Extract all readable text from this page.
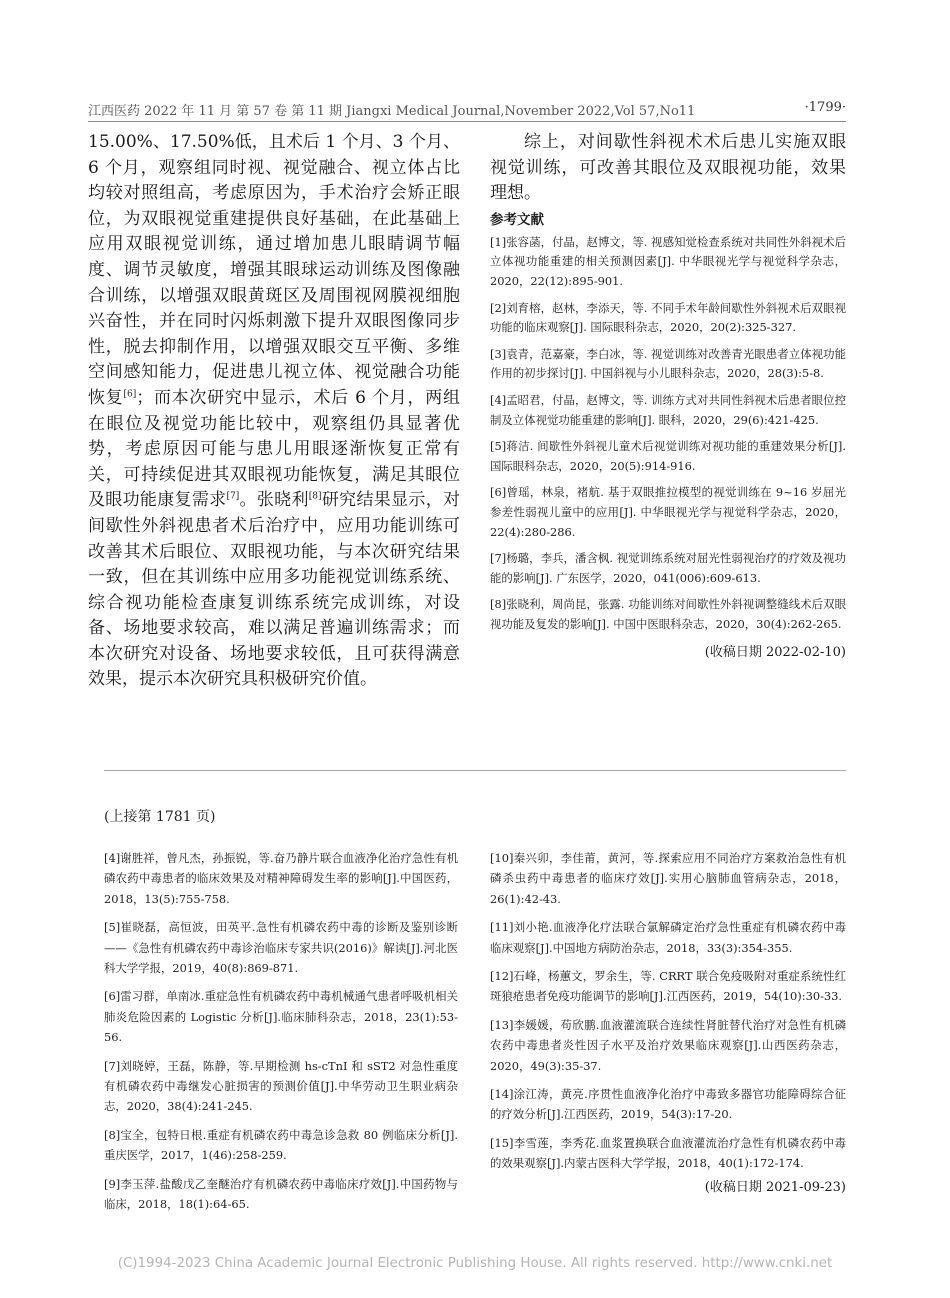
江西医药 2022 年 11 月 第 57 卷 第 11 期 Jiangxi Medical Journal,November 2022,Vol 57,No11	·1799·

15.00%、17.50%低，且术后 1 个月、3 个月、6 个月，观察组同时视、视觉融合、视立体占比均较对照组高，考虑原因为，手术治疗会矫正眼位，为双眼视觉重建提供良好基础，在此基础上应用双眼视觉训练，通过增加患儿眼睛调节幅度、调节灵敏度，增强其眼球运动训练及图像融合训练，以增强双眼黄斑区及周围视网膜视细胞兴奋性，并在同时闪烁刺激下提升双眼图像同步性，脱去抑制作用，以增强双眼交互平衡、多维空间感知能力，促进患儿视立体、视觉融合功能恢复[6]；而本次研究中显示，术后 6 个月，两组在眼位及视觉功能比较中，观察组仍具显著优势，考虑原因可能与患儿用眼逐渐恢复正常有关，可持续促进其双眼视功能恢复，满足其眼位及眼功能康复需求[7]。张晓利[8]研究结果显示，对间歇性外斜视患者术后治疗中，应用功能训练可改善其术后眼位、双眼视功能，与本次研究结果一致，但在其训练中应用多功能视觉训练系统、综合视功能检查康复训练系统完成训练，对设备、场地要求较高，难以满足普遍训练需求；而本次研究对设备、场地要求较低，且可获得满意效果，提示本次研究具积极研究价值。

综上，对间歇性斜视术术后患儿实施双眼视觉训练，可改善其眼位及双眼视功能，效果理想。

参考文献
[1]张容菡，付晶，赵博文，等. 视感知觉检查系统对共同性外斜视术后立体视功能重建的相关预测因素[J]. 中华眼视光学与视觉科学杂志，2020，22(12):895-901.
[2]刘育榕，赵林，李添天，等. 不同手术年龄间歇性外斜视术后双眼视功能的临床观察[J]. 国际眼科杂志，2020，20(2):325-327.
[3]袁青，范嘉豪，李白冰，等. 视觉训练对改善青光眼患者立体视功能作用的初步探讨[J]. 中国斜视与小儿眼科杂志，2020，28(3):5-8.
[4]孟昭君，付晶，赵博文，等. 训练方式对共同性斜视术后患者眼位控制及立体视觉功能重建的影响[J]. 眼科，2020，29(6):421-425.
[5]蒋洁. 间歇性外斜视儿童术后视觉训练对视功能的重建效果分析[J]. 国际眼科杂志，2020，20(5):914-916.
[6]曾瑶，林泉，褚航. 基于双眼推拉模型的视觉训练在 9~16 岁屈光参差性弱视儿童中的应用[J]. 中华眼视光学与视觉科学杂志，2020，22(4):280-286.
[7]杨璐，李兵，潘含枫. 视觉训练系统对屈光性弱视治疗的疗效及视功能的影响[J]. 广东医学，2020，041(006):609-613.
[8]张晓利，周尚昆，张露. 功能训练对间歇性外斜视调整缝线术后双眼视功能及复发的影响[J]. 中国中医眼科杂志，2020，30(4):262-265.
(收稿日期 2022-02-10)
(上接第 1781 页)
[4]谢胜祥，曾凡杰，孙振锐，等.奋乃静片联合血液净化治疗急性有机磷农药中毒患者的临床效果及对精神障碍发生率的影响[J].中国医药，2018，13(5):755-758.
[5]崔晓磊，高恒波，田英平.急性有机磷农药中毒的诊断及鉴别诊断——《急性有机磷农药中毒诊治临床专家共识(2016)》解读[J].河北医科大学学报，2019，40(8):869-871.
[6]雷习群，单南冰.重症急性有机磷农药中毒机械通气患者呼吸机相关肺炎危险因素的 Logistic 分析[J].临床肺科杂志，2018，23(1):53-56.
[7]刘晓婷，王磊，陈静，等.早期检测 hs-cTnI 和 sST2 对急性重度有机磷农药中毒继发心脏损害的预测价值[J].中华劳动卫生职业病杂志，2020，38(4):241-245.
[8]宝全，包特日根.重症有机磷农药中毒急诊急救 80 例临床分析[J].重庆医学，2017，1(46):258-259.
[9]李玉萍.盐酸戊乙奎醚治疗有机磷农药中毒临床疗效[J].中国药物与临床，2018，18(1):64-65.
[10]秦兴卯，李佳莆，黄河，等.探索应用不同治疗方案救治急性有机磷杀虫药中毒患者的临床疗效[J].实用心脑肺血管病杂志，2018，26(1):42-43.
[11]刘小艳.血液净化疗法联合氯解磷定治疗急性重症有机磷农药中毒临床观察[J].中国地方病防治杂志，2018，33(3):354-355.
[12]石峰，杨蕙文，罗余生，等. CRRT 联合免疫吸附对重症系统性红斑狼疮患者免疫功能调节的影响[J].江西医药，2019，54(10):30-33.
[13]李媛媛，苟欣鹏.血液灌流联合连续性肾脏替代治疗对急性有机磷农药中毒患者炎性因子水平及治疗效果临床观察[J].山西医药杂志，2020，49(3):35-37.
[14]涂江涛，黄亮.序贯性血液净化治疗中毒致多器官功能障碍综合征的疗效分析[J].江西医药，2019，54(3):17-20.
[15]李雪莲，李秀花.血浆置换联合血液灌流治疗急性有机磷农药中毒的效果观察[J].内蒙古医科大学学报，2018，40(1):172-174.
(收稿日期 2021-09-23)
(C)1994-2023 China Academic Journal Electronic Publishing House. All rights reserved. http://www.cnki.net
